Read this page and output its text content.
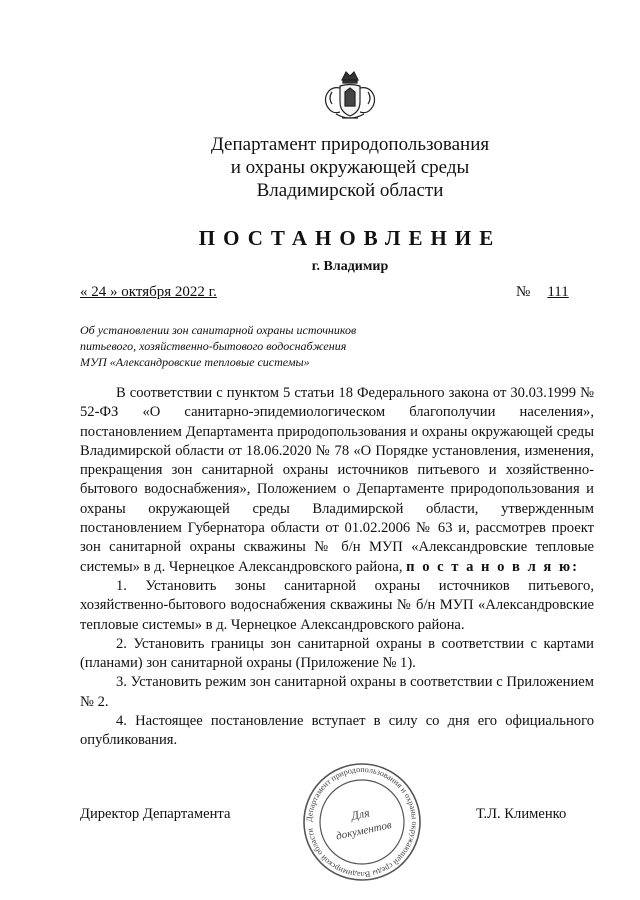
Департамент природопользования
и охраны окружающей среды
Владимирской области
ПОСТАНОВЛЕНИЕ
г. Владимир
« 24 » октября 2022 г.	№ 111
Об установлении зон санитарной охраны источников
питьевого, хозяйственно-бытового водоснабжения
МУП «Александровские тепловые системы»

В соответствии с пунктом 5 статьи 18 Федерального закона от 30.03.1999 № 52-ФЗ «О санитарно-эпидемиологическом благополучии населения», постановлением Департамента природопользования и охраны окружающей среды Владимирской области от 18.06.2020 № 78 «О Порядке установления, изменения, прекращения зон санитарной охраны источников питьевого и хозяйственно-бытового водоснабжения», Положением о Департаменте природопользования и охраны окружающей среды Владимирской области, утвержденным постановлением Губернатора области от 01.02.2006 № 63 и, рассмотрев проект зон санитарной охраны скважины № б/н МУП «Александровские тепловые системы» в д. Чернецкое Александровского района, п о с т а н о в л я ю:

1. Установить зоны санитарной охраны источников питьевого, хозяйственно-бытового водоснабжения скважины № б/н МУП «Александровские тепловые системы» в д. Чернецкое Александровского района.

2. Установить границы зон санитарной охраны в соответствии с картами (планами) зон санитарной охраны (Приложение № 1).

3. Установить режим зон санитарной охраны в соответствии с Приложением № 2.

4. Настоящее постановление вступает в силу со дня его официального опубликования.

Директор Департамента	Т.Л. Клименко
Департамент природопользования и охраны окружающей среды Владимирской области
Для
документов
